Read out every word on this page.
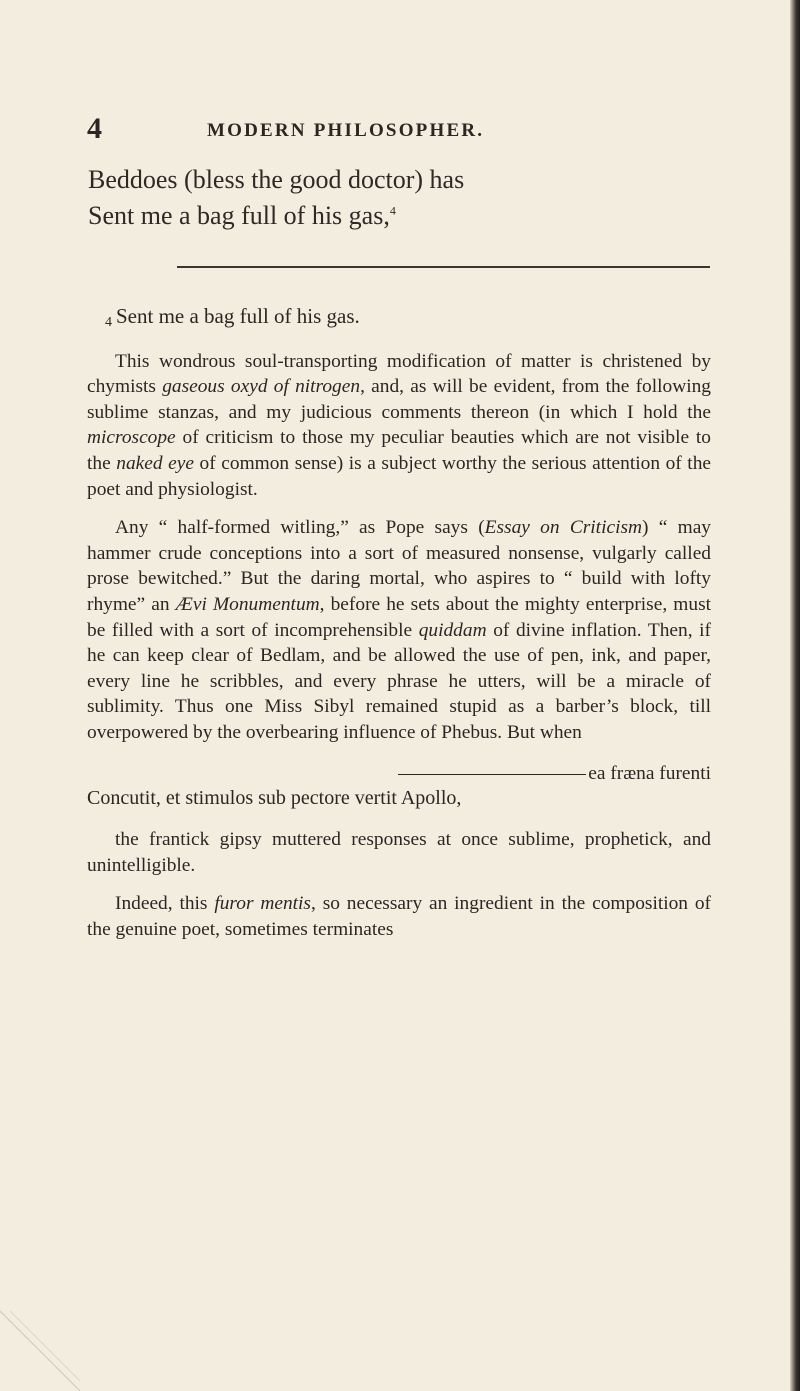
4	MODERN PHILOSOPHER.
Beddoes (bless the good doctor) has
Sent me a bag full of his gas,$^4$

4 Sent me a bag full of his gas.

This wondrous soul-transporting modification of matter is christened by chymists gaseous oxyd of nitrogen, and, as will be evident, from the following sublime stanzas, and my judicious comments thereon (in which I hold the microscope of criticism to those my peculiar beauties which are not visible to the naked eye of common sense) is a subject worthy the serious attention of the poet and physiologist.

Any “ half-formed witling,” as Pope says (Essay on Criticism) “ may hammer crude conceptions into a sort of measured nonsense, vulgarly called prose bewitched.” But the daring mortal, who aspires to “ build with lofty rhyme” an Ævi Monumentum, before he sets about the mighty enterprise, must be filled with a sort of incomprehensible quiddam of divine inflation. Then, if he can keep clear of Bedlam, and be allowed the use of pen, ink, and paper, every line he scribbles, and every phrase he utters, will be a miracle of sublimity. Thus one Miss Sibyl remained stupid as a barber’s block, till overpowered by the overbearing influence of Phebus. But when

ea fræna furenti

Concutit, et stimulos sub pectore vertit Apollo,

the frantick gipsy muttered responses at once sublime, prophetick, and unintelligible.

Indeed, this furor mentis, so necessary an ingredient in the composition of the genuine poet, sometimes terminates
